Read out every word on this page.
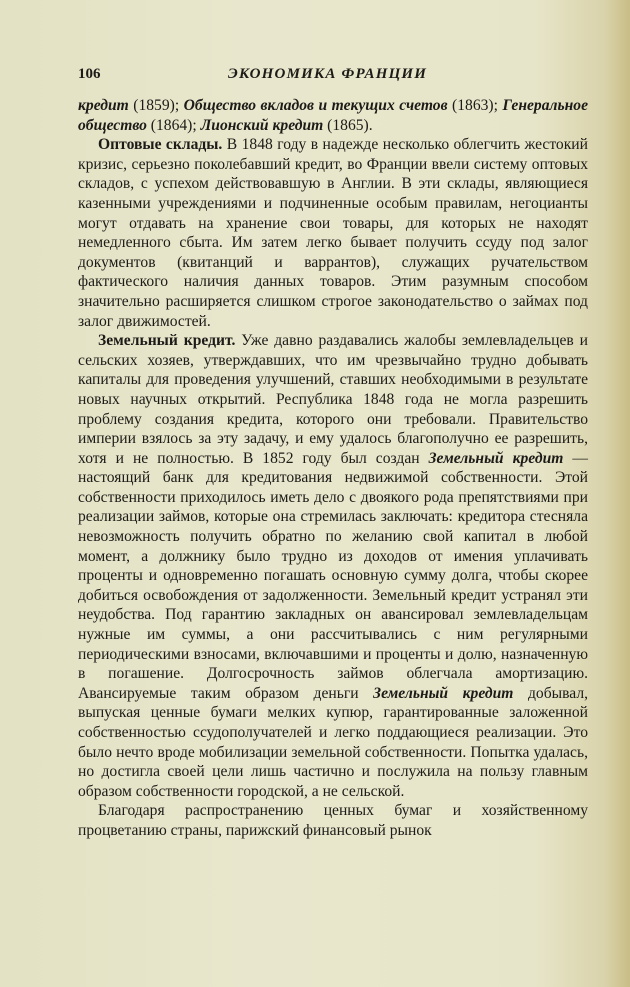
106	ЭКОНОМИКА ФРАНЦИИ

кредит (1859); Общество вкладов и текущих счетов (1863); Генеральное общество (1864); Лионский кредит (1865).

Оптовые склады. В 1848 году в надежде несколько облегчить жестокий кризис, серьезно поколебавший кредит, во Франции ввели систему оптовых складов, с успехом действовавшую в Англии. В эти склады, являющиеся казенными учреждениями и подчиненные особым правилам, негоцианты могут отдавать на хранение свои товары, для которых не находят немедленного сбыта. Им затем легко бывает получить ссуду под залог документов (квитанций и варрантов), служащих ручательством фактического наличия данных товаров. Этим разумным способом значительно расширяется слишком строгое законодательство о займах под залог движимостей.

Земельный кредит. Уже давно раздавались жалобы землевладельцев и сельских хозяев, утверждавших, что им чрезвычайно трудно добывать капиталы для проведения улучшений, ставших необходимыми в результате новых научных открытий. Республика 1848 года не могла разрешить проблему создания кредита, которого они требовали. Правительство империи взялось за эту задачу, и ему удалось благополучно ее разрешить, хотя и не полностью. В 1852 году был создан Земельный кредит — настоящий банк для кредитования недвижимой собственности. Этой собственности приходилось иметь дело с двоякого рода препятствиями при реализации займов, которые она стремилась заключать: кредитора стесняла невозможность получить обратно по желанию свой капитал в любой момент, а должнику было трудно из доходов от имения уплачивать проценты и одновременно погашать основную сумму долга, чтобы скорее добиться освобождения от задолженности. Земельный кредит устранял эти неудобства. Под гарантию закладных он авансировал землевладельцам нужные им суммы, а они рассчитывались с ним регулярными периодическими взносами, включавшими и проценты и долю, назначенную в погашение. Долгосрочность займов облегчала амортизацию. Авансируемые таким образом деньги Земельный кредит добывал, выпуская ценные бумаги мелких купюр, гарантированные заложенной собственностью ссудополучателей и легко поддающиеся реализации. Это было нечто вроде мобилизации земельной собственности. Попытка удалась, но достигла своей цели лишь частично и послужила на пользу главным образом собственности городской, а не сельской.

Благодаря распространению ценных бумаг и хозяйственному процветанию страны, парижский финансовый рынок
